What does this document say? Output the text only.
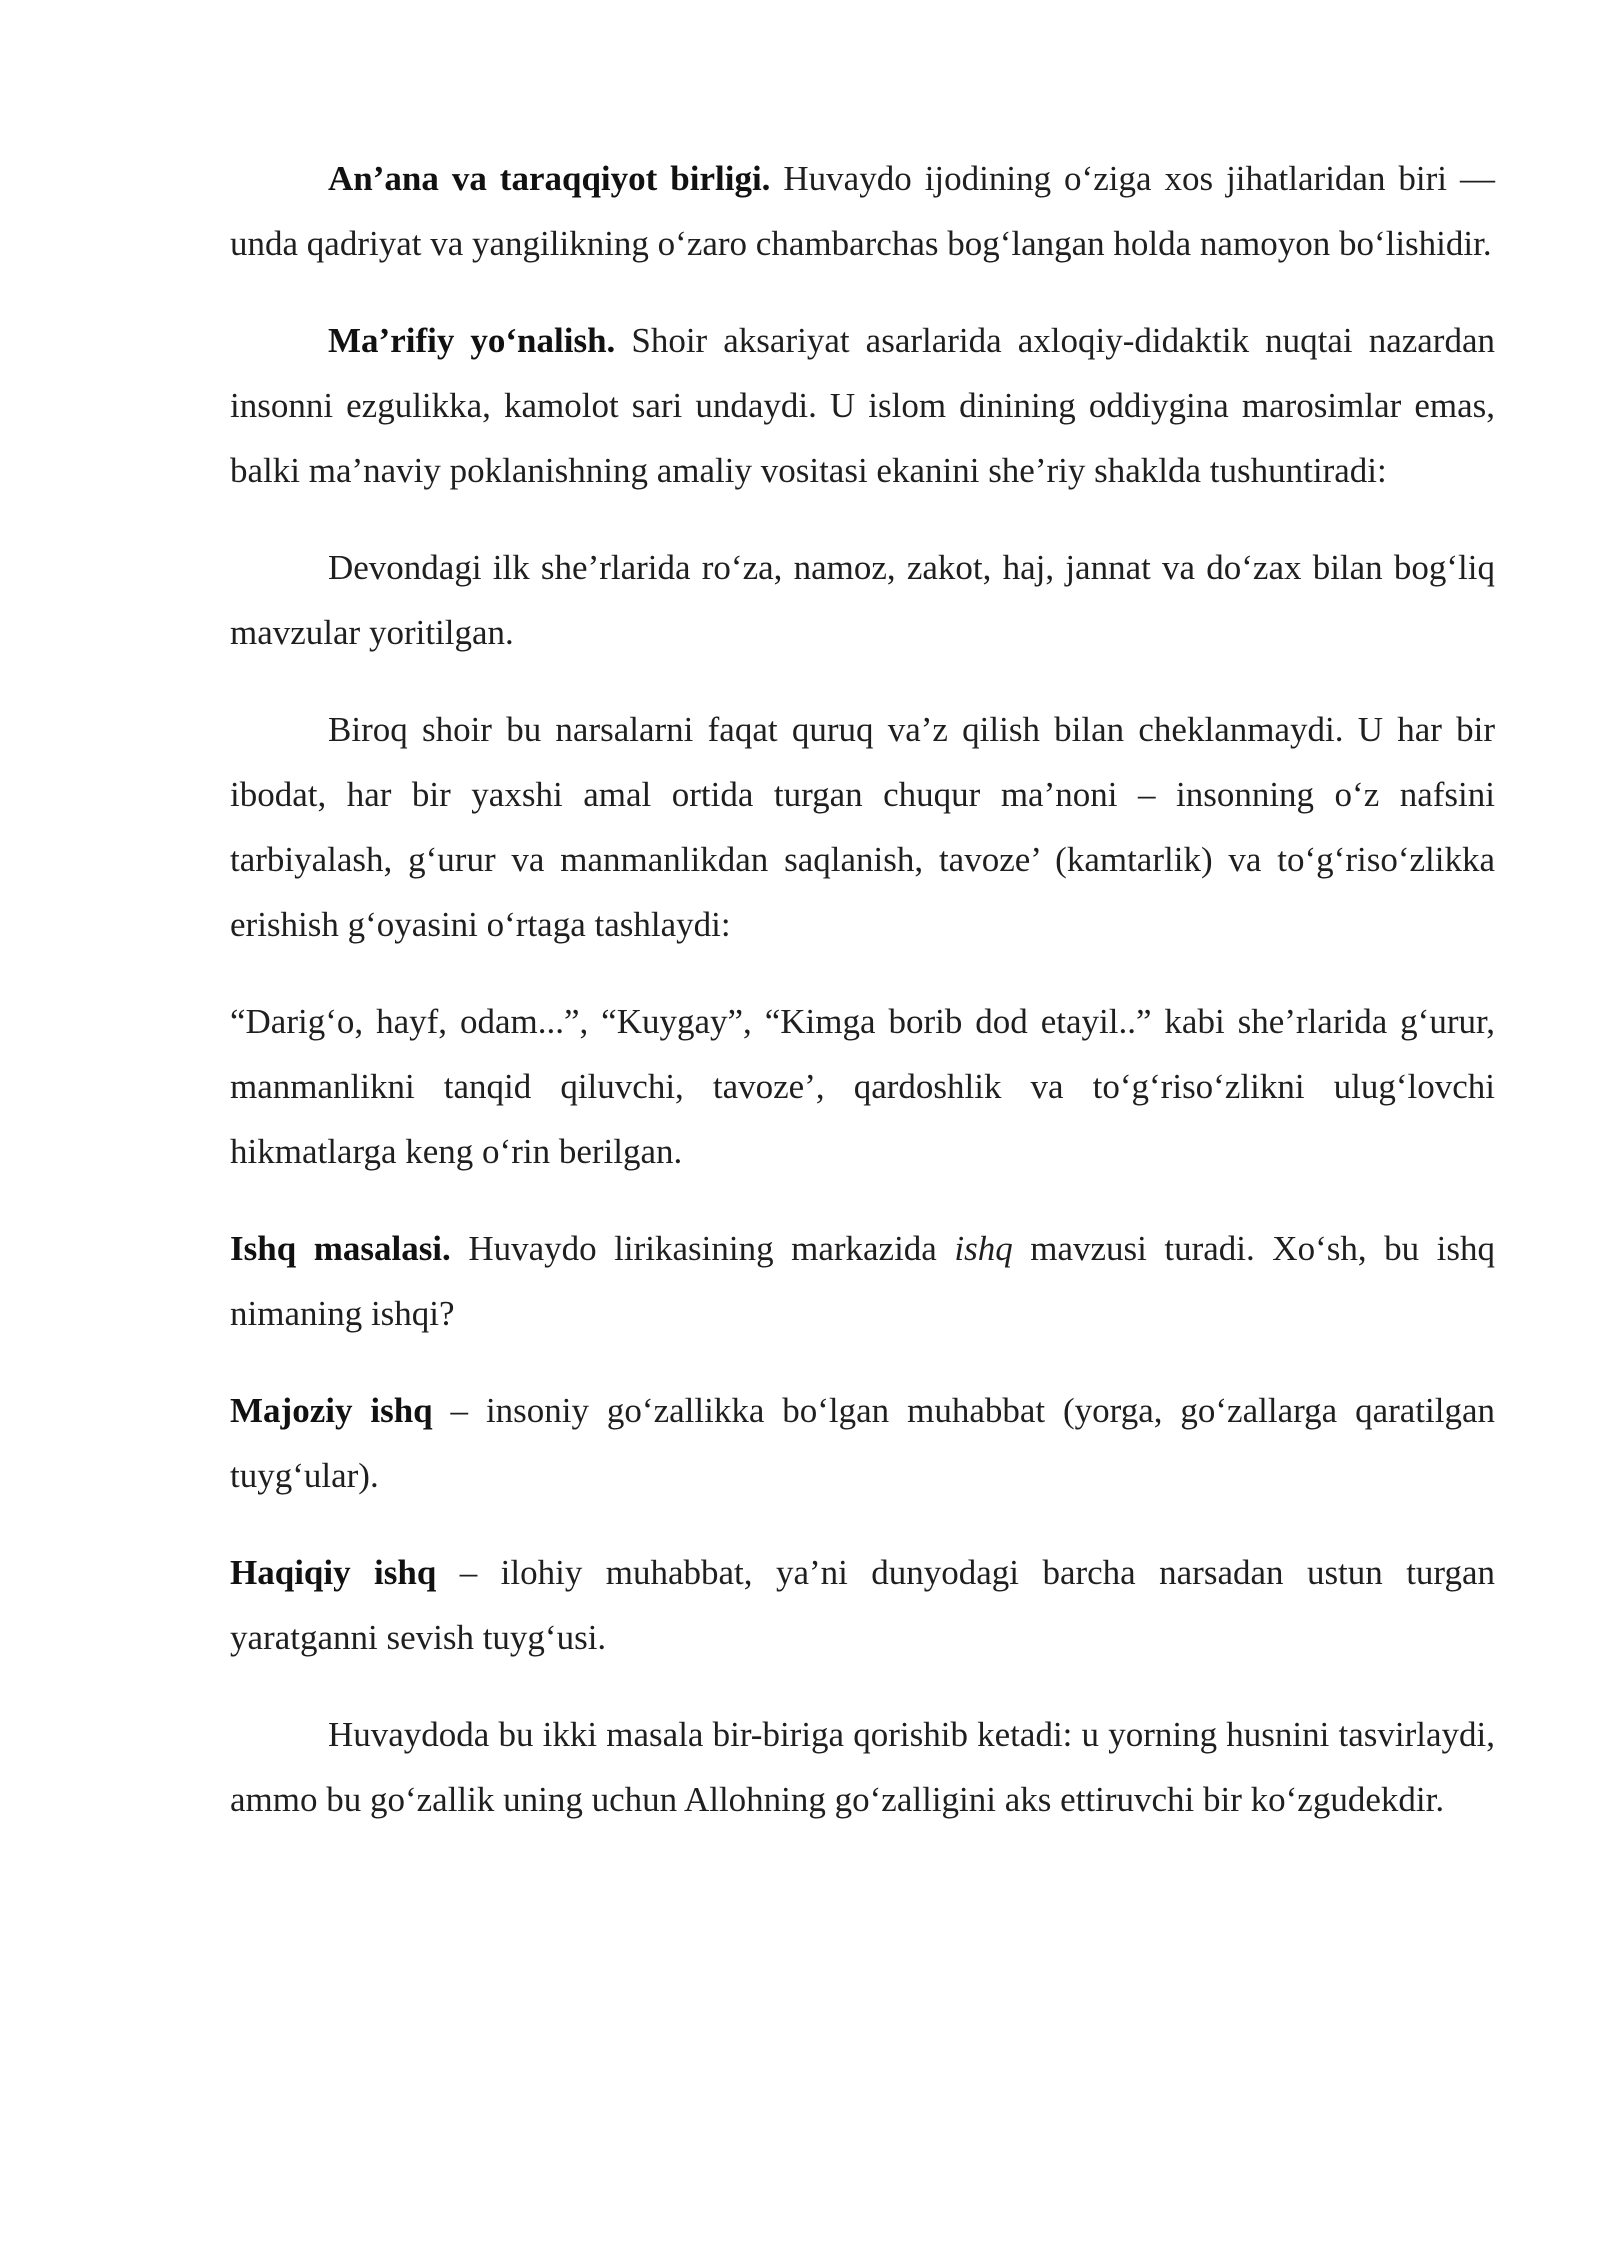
An’ana va taraqqiyot birligi. Huvaydo ijodining o‘ziga xos jihatlaridan biri — unda qadriyat va yangilikning o‘zaro chambarchas bog‘langan holda namoyon bo‘lishidir.

Ma’rifiy yo‘nalish. Shoir aksariyat asarlarida axloqiy-didaktik nuqtai nazardan insonni ezgulikka, kamolot sari undaydi. U islom dinining oddiygina marosimlar emas, balki ma’naviy poklanishning amaliy vositasi ekanini she’riy shaklda tushuntiradi:

Devondagi ilk she’rlarida ro‘za, namoz, zakot, haj, jannat va do‘zax bilan bog‘liq mavzular yoritilgan.

Biroq shoir bu narsalarni faqat quruq va’z qilish bilan cheklanmaydi. U har bir ibodat, har bir yaxshi amal ortida turgan chuqur ma’noni – insonning o‘z nafsini tarbiyalash, g‘urur va manmanlikdan saqlanish, tavoze’ (kamtarlik) va to‘g‘riso‘zlikka erishish g‘oyasini o‘rtaga tashlaydi:

“Darig‘o, hayf, odam...”, “Kuygay”, “Kimga borib dod etayil..” kabi she’rlarida g‘urur, manmanlikni tanqid qiluvchi, tavoze’, qardoshlik va to‘g‘riso‘zlikni ulug‘lovchi hikmatlarga keng o‘rin berilgan.

Ishq masalasi. Huvaydo lirikasining markazida ishq mavzusi turadi. Xo‘sh, bu ishq nimaning ishqi?

Majoziy ishq – insoniy go‘zallikka bo‘lgan muhabbat (yorga, go‘zallarga qaratilgan tuyg‘ular).

Haqiqiy ishq – ilohiy muhabbat, ya’ni dunyodagi barcha narsadan ustun turgan yaratganni sevish tuyg‘usi.

Huvaydoda bu ikki masala bir-biriga qorishib ketadi: u yorning husnini tasvirlaydi, ammo bu go‘zallik uning uchun Allohning go‘zalligini aks ettiruvchi bir ko‘zgudekdir.
